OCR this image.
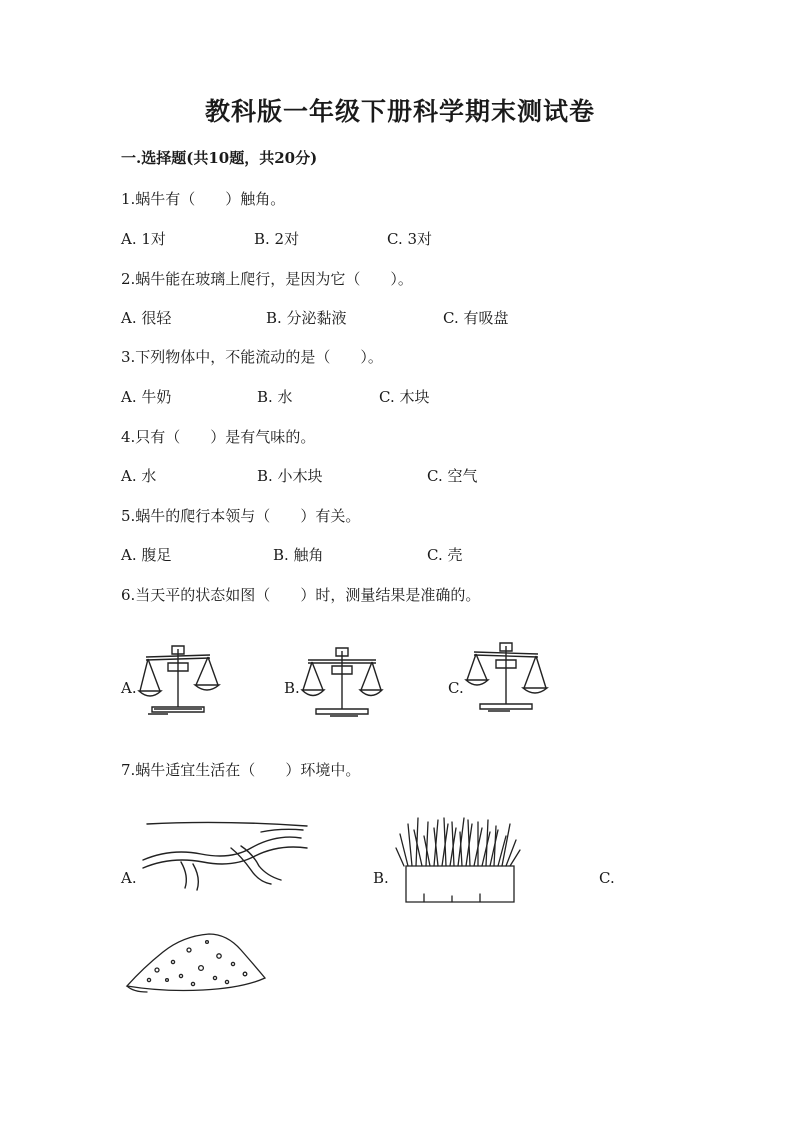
教科版一年级下册科学期末测试卷
一.选择题(共10题，共20分)
1.蜗牛有（　　）触角。
A. 1对	B. 2对	C. 3对
2.蜗牛能在玻璃上爬行，是因为它（　　）。
A. 很轻	B. 分泌黏液	C. 有吸盘
3.下列物体中，不能流动的是（　　）。
A. 牛奶	B. 水	C. 木块
4.只有（　　）是有气味的。
A. 水	B. 小木块	C. 空气
5.蜗牛的爬行本领与（　　）有关。
A. 腹足	B. 触角	C. 壳
6.当天平的状态如图（　　）时，测量结果是准确的。
A.	B.	C.
7.蜗牛适宜生活在（　　）环境中。
A.	B.	C.
